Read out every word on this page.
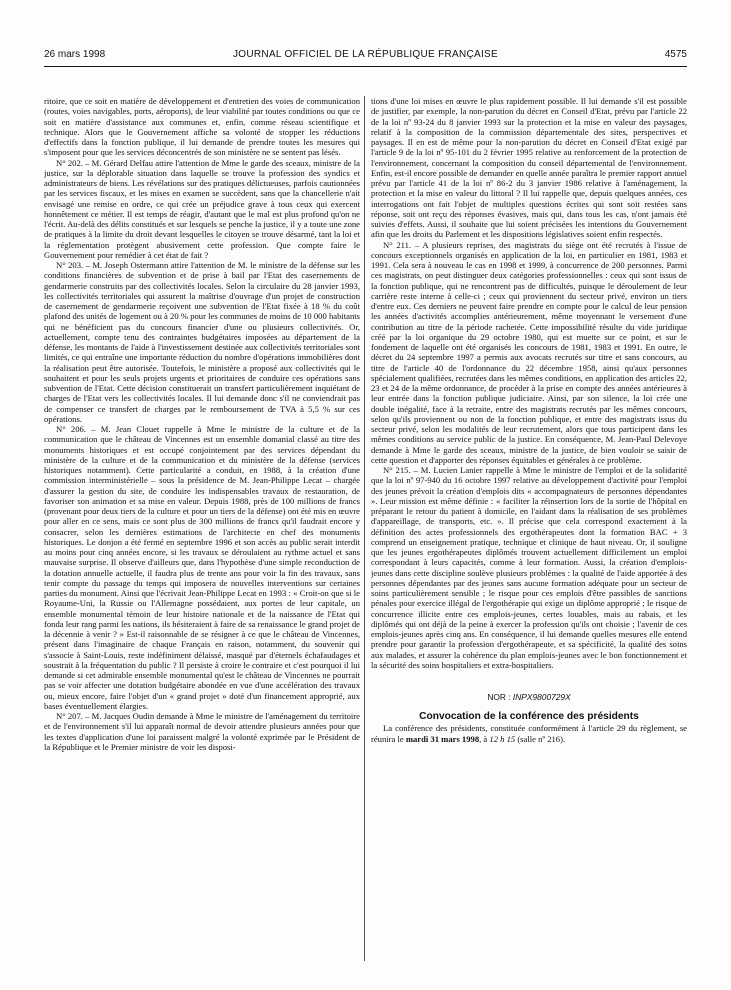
26 mars 1998	JOURNAL OFFICIEL DE LA RÉPUBLIQUE FRANÇAISE	4575

ritoire, que ce soit en matière de développement et d'entretien des voies de communication (routes, voies navigables, ports, aéroports), de leur viabilité par toutes conditions ou que ce soit en matière d'assistance aux communes et, enfin, comme réseau scientifique et technique. Alors que le Gouvernement affiche sa volonté de stopper les réductions d'effectifs dans la fonction publique, il lui demande de prendre toutes les mesures qui s'imposent pour que les services déconcentrés de son ministère ne se sentent pas lésés.

N° 202. – M. Gérard Delfau attire l'attention de Mme le garde des sceaux, ministre de la justice, sur la déplorable situation dans laquelle se trouve la profession des syndics et administrateurs de biens. Les révélations sur des pratiques délictueuses, parfois cautionnées par les services fiscaux, et les mises en examen se succèdent, sans que la chancellerie n'ait envisagé une remise en ordre, ce qui crée un préjudice grave à tous ceux qui exercent honnêtement ce métier. Il est temps de réagir, d'autant que le mal est plus profond qu'on ne l'écrit. Au-delà des délits constitués et sur lesquels se penche la justice, il y a toute une zone de pratiques à la limite du droit devant lesquelles le citoyen se trouve désarmé, tant la loi et la réglementation protègent abusivement cette profession. Que compte faire le Gouvernement pour remédier à cet état de fait ?

N° 203. – M. Joseph Ostermann attire l'attention de M. le ministre de la défense sur les conditions financières de subvention et de prise à bail par l'Etat des casernements de gendarmerie construits par des collectivités locales. Selon la circulaire du 28 janvier 1993, les collectivités territoriales qui assurent la maîtrise d'ouvrage d'un projet de construction de casernement de gendarmerie reçoivent une subvention de l'Etat fixée à 18 % du coût plafond des unités de logement ou à 20 % pour les communes de moins de 10 000 habitants qui ne bénéficient pas du concours financier d'une ou plusieurs collectivités. Or, actuellement, compte tenu des contraintes budgétaires imposées au département de la défense, les montants de l'aide à l'investissement destinée aux collectivités territoriales sont limités, ce qui entraîne une importante réduction du nombre d'opérations immobilières dont la réalisation peut être autorisée. Toutefois, le ministère a proposé aux collectivités qui le souhaitent et pour les seuls projets urgents et prioritaires de conduire ces opérations sans subvention de l'Etat. Cette décision constituerait un transfert particulièrement inquiétant de charges de l'Etat vers les collectivités locales. Il lui demande donc s'il ne conviendrait pas de compenser ce transfert de charges par le remboursement de TVA à 5,5 % sur ces opérations.

N° 206. – M. Jean Clouet rappelle à Mme le ministre de la culture et de la communication que le château de Vincennes est un ensemble domanial classé au titre des monuments historiques et est occupé conjointement par des services dépendant du ministère de la culture et de la communication et du ministère de la défense (services historiques notamment). Cette particularité a conduit, en 1988, à la création d'une commission interministérielle – sous la présidence de M. Jean-Philippe Lecat – chargée d'assurer la gestion du site, de conduire les indispensables travaux de restauration, de favoriser son animation et sa mise en valeur. Depuis 1988, près de 100 millions de francs (provenant pour deux tiers de la culture et pour un tiers de la défense) ont été mis en œuvre pour aller en ce sens, mais ce sont plus de 300 millions de francs qu'il faudrait encore y consacrer, selon les dernières estimations de l'architecte en chef des monuments historiques. Le donjon a été fermé en septembre 1996 et son accès au public serait interdit au moins pour cinq années encore, si les travaux se déroulaient au rythme actuel et sans mauvaise surprise. Il observe d'ailleurs que, dans l'hypothèse d'une simple reconduction de la dotation annuelle actuelle, il faudra plus de trente ans pour voir la fin des travaux, sans tenir compte du passage du temps qui imposera de nouvelles interventions sur certaines parties du monument. Ainsi que l'écrivait Jean-Philippe Lecat en 1993 : « Croit-on que si le Royaume-Uni, la Russie ou l'Allemagne possédaient, aux portes de leur capitale, un ensemble monumental témoin de leur histoire nationale et de la naissance de l'Etat qui fonda leur rang parmi les nations, ils hésiteraient à faire de sa renaissance le grand projet de la décennie à venir ? » Est-il raisonnable de se résigner à ce que le château de Vincennes, présent dans l'imaginaire de chaque Français en raison, notamment, du souvenir qui s'associe à Saint-Louis, reste indéfiniment délaissé, masqué par d'éternels échafaudages et soustrait à la fréquentation du public ? Il persiste à croire le contraire et c'est pourquoi il lui demande si cet admirable ensemble monumental qu'est le château de Vincennes ne pourrait pas se voir affecter une dotation budgétaire abondée en vue d'une accélération des travaux ou, mieux encore, faire l'objet d'un « grand projet » doté d'un financement approprié, aux bases éventuellement élargies.

N° 207. – M. Jacques Oudin demande à Mme le ministre de l'aménagement du territoire et de l'environnement s'il lui apparaît normal de devoir attendre plusieurs années pour que les textes d'application d'une loi paraissent malgré la volonté exprimée par le Président de la République et le Premier ministre de voir les disposi-

tions d'une loi mises en œuvre le plus rapidement possible. Il lui demande s'il est possible de justifier, par exemple, la non-parution du décret en Conseil d'Etat, prévu par l'article 22 de la loi nº 93-24 du 8 janvier 1993 sur la protection et la mise en valeur des paysages, relatif à la composition de la commission départementale des sites, perspectives et paysages. Il en est de même pour la non-parution du décret en Conseil d'Etat exigé par l'article 9 de la loi nº 95-101 du 2 février 1995 relative au renforcement de la protection de l'environnement, concernant la composition du conseil départemental de l'environnement. Enfin, est-il encore possible de demander en quelle année paraîtra le premier rapport annuel prévu par l'article 41 de la loi nº 86-2 du 3 janvier 1986 relative à l'aménagement, la protection et la mise en valeur du littoral ? Il lui rappelle que, depuis quelques années, ces interrogations ont fait l'objet de multiples questions écrites qui sont soit restées sans réponse, soit ont reçu des réponses évasives, mais qui, dans tous les cas, n'ont jamais été suivies d'effets. Aussi, il souhaite que lui soient précisées les intentions du Gouvernement afin que les droits du Parlement et les dispositions législatives soient enfin respectés.

N° 211. – A plusieurs reprises, des magistrats du siège ont été recrutés à l'issue de concours exceptionnels organisés en application de la loi, en particulier en 1981, 1983 et 1991. Cela sera à nouveau le cas en 1998 et 1999, à concurrence de 200 personnes. Parmi ces magistrats, on peut distinguer deux catégories professionnelles : ceux qui sont issus de la fonction publique, qui ne rencontrent pas de difficultés, puisque le déroulement de leur carrière reste interne à celle-ci ; ceux qui proviennent du secteur privé, environ un tiers d'entre eux. Ces derniers ne peuvent faire prendre en compte pour le calcul de leur pension les années d'activités accomplies antérieurement, même moyennant le versement d'une contribution au titre de la période rachetée. Cette impossibilité résulte du vide juridique créé par la loi organique du 29 octobre 1980, qui est muette sur ce point, et sur le fondement de laquelle ont été organisés les concours de 1981, 1983 et 1991. En outre, le décret du 24 septembre 1997 a permis aux avocats recrutés sur titre et sans concours, au titre de l'article 40 de l'ordonnance du 22 décembre 1958, ainsi qu'aux personnes spécialement qualifiées, recrutées dans les mêmes conditions, en application des articles 22, 23 et 24 de la même ordonnance, de procéder à la prise en compte des années antérieures à leur entrée dans la fonction publique judiciaire. Ainsi, par son silence, la loi crée une double inégalité, face à la retraite, entre des magistrats recrutés par les mêmes concours, selon qu'ils proviennent ou non de la fonction publique, et entre des magistrats issus du secteur privé, selon les modalités de leur recrutement, alors que tous participent dans les mêmes conditions au service public de la justice. En conséquence, M. Jean-Paul Delevoye demande à Mme le garde des sceaux, ministre de la justice, de bien vouloir se saisir de cette question et d'apporter des réponses équitables et générales à ce problème.

N° 215. – M. Lucien Lanier rappelle à Mme le ministre de l'emploi et de la solidarité que la loi nº 97-940 du 16 octobre 1997 relative au développement d'activité pour l'emploi des jeunes prévoit la création d'emplois dits « accompagnateurs de personnes dépendantes ». Leur mission est même définie : « faciliter la réinsertion lors de la sortie de l'hôpital en préparant le retour du patient à domicile, en l'aidant dans la réalisation de ses problèmes d'appareillage, de transports, etc. ». Il précise que cela correspond exactement à la définition des actes professionnels des ergothérapeutes dont la formation BAC + 3 comprend un enseignement pratique, technique et clinique de haut niveau. Or, il souligne que les jeunes ergothérapeutes diplômés trouvent actuellement difficilement un emploi correspondant à leurs capacités, comme à leur formation. Aussi, la création d'emplois-jeunes dans cette discipline soulève plusieurs problèmes : la qualité de l'aide apportée à des personnes dépendantes par des jeunes sans aucune formation adéquate pour un secteur de soins particulièrement sensible ; le risque pour ces emplois d'être passibles de sanctions pénales pour exercice illégal de l'ergothérapie qui exige un diplôme approprié ; le risque de concurrence illicite entre ces emplois-jeunes, certes louables, mais au rabais, et les diplômés qui ont déjà de la peine à exercer la profession qu'ils ont choisie ; l'avenir de ces emplois-jeunes après cinq ans. En conséquence, il lui demande quelles mesures elle entend prendre pour garantir la profession d'ergothérapeute, et sa spécificité, la qualité des soins aux malades, et assurer la cohérence du plan emplois-jeunes avec le bon fonctionnement et la sécurité des soins hospitaliers et extra-hospitaliers.

NOR : INPX9800729X

Convocation de la conférence des présidents

La conférence des présidents, constituée conformément à l'article 29 du règlement, se réunira le mardi 31 mars 1998, à 12 h 15 (salle nº 216).
